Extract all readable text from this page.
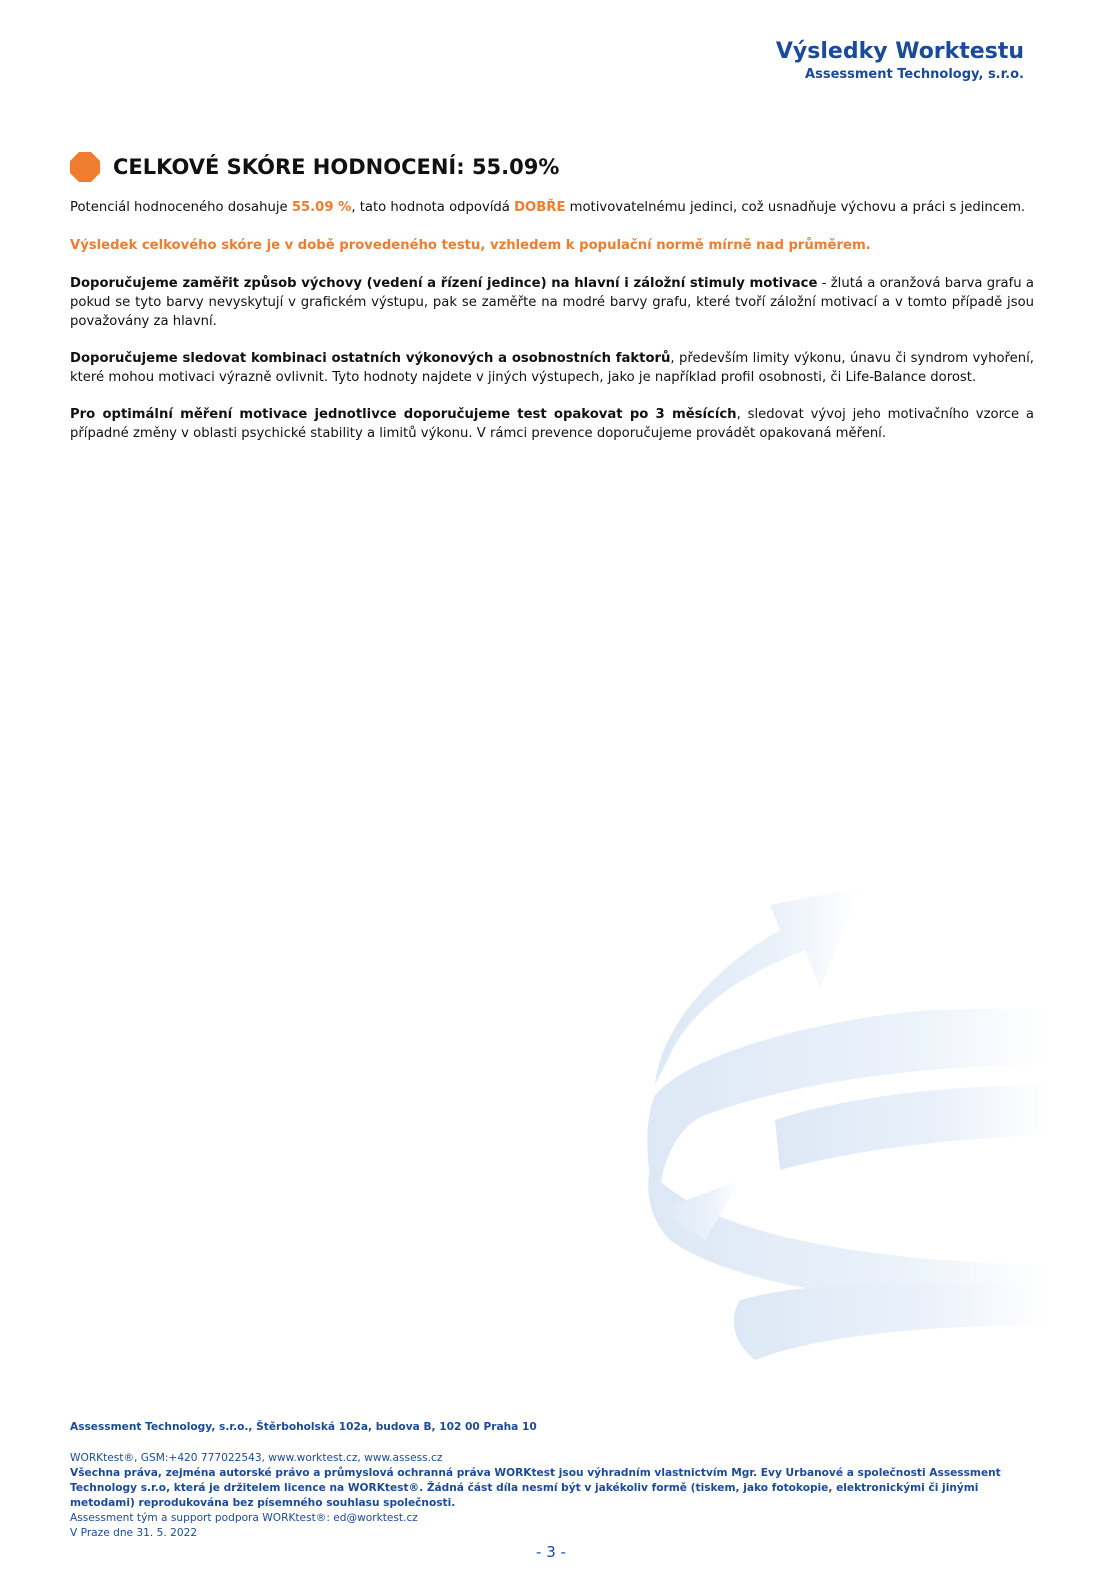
Výsledky Worktestu
Assessment Technology, s.r.o.
CELKOVÉ SKÓRE HODNOCENÍ: 55.09%

Potenciál hodnoceného dosahuje 55.09 %, tato hodnota odpovídá DOBŘE motivovatelnému jedinci, což usnadňuje výchovu a práci s jedincem.

Výsledek celkového skóre je v době provedeného testu, vzhledem k populační normě mírně nad průměrem.

Doporučujeme zaměřit způsob výchovy (vedení a řízení jedince) na hlavní i záložní stimuly motivace - žlutá a oranžová barva grafu a pokud se tyto barvy nevyskytují v grafickém výstupu, pak se zaměřte na modré barvy grafu, které tvoří záložní motivací a v tomto případě jsou považovány za hlavní.

Doporučujeme sledovat kombinaci ostatních výkonových a osobnostních faktorů, především limity výkonu, únavu či syndrom vyhoření, které mohou motivaci výrazně ovlivnit. Tyto hodnoty najdete v jiných výstupech, jako je například profil osobnosti, či Life-Balance dorost.

Pro optimální měření motivace jednotlivce doporučujeme test opakovat po 3 měsících, sledovat vývoj jeho motivačního vzorce a případné změny v oblasti psychické stability a limitů výkonu. V rámci prevence doporučujeme provádět opakovaná měření.

Assessment Technology, s.r.o., Štěrboholská 102a, budova B, 102 00 Praha 10
WORKtest®, GSM:+420 777022543, www.worktest.cz, www.assess.cz
Všechna práva, zejména autorské právo a průmyslová ochranná práva WORKtest jsou výhradním vlastnictvím Mgr. Evy Urbanové a společnosti Assessment Technology s.r.o, která je držitelem licence na WORKtest®. Žádná část díla nesmí být v jakékoliv formě (tiskem, jako fotokopie, elektronickými či jinými metodami) reprodukována bez písemného souhlasu společnosti.
Assessment tým a support podpora WORKtest®: ed@worktest.cz
V Praze dne 31. 5. 2022
- 3 -
